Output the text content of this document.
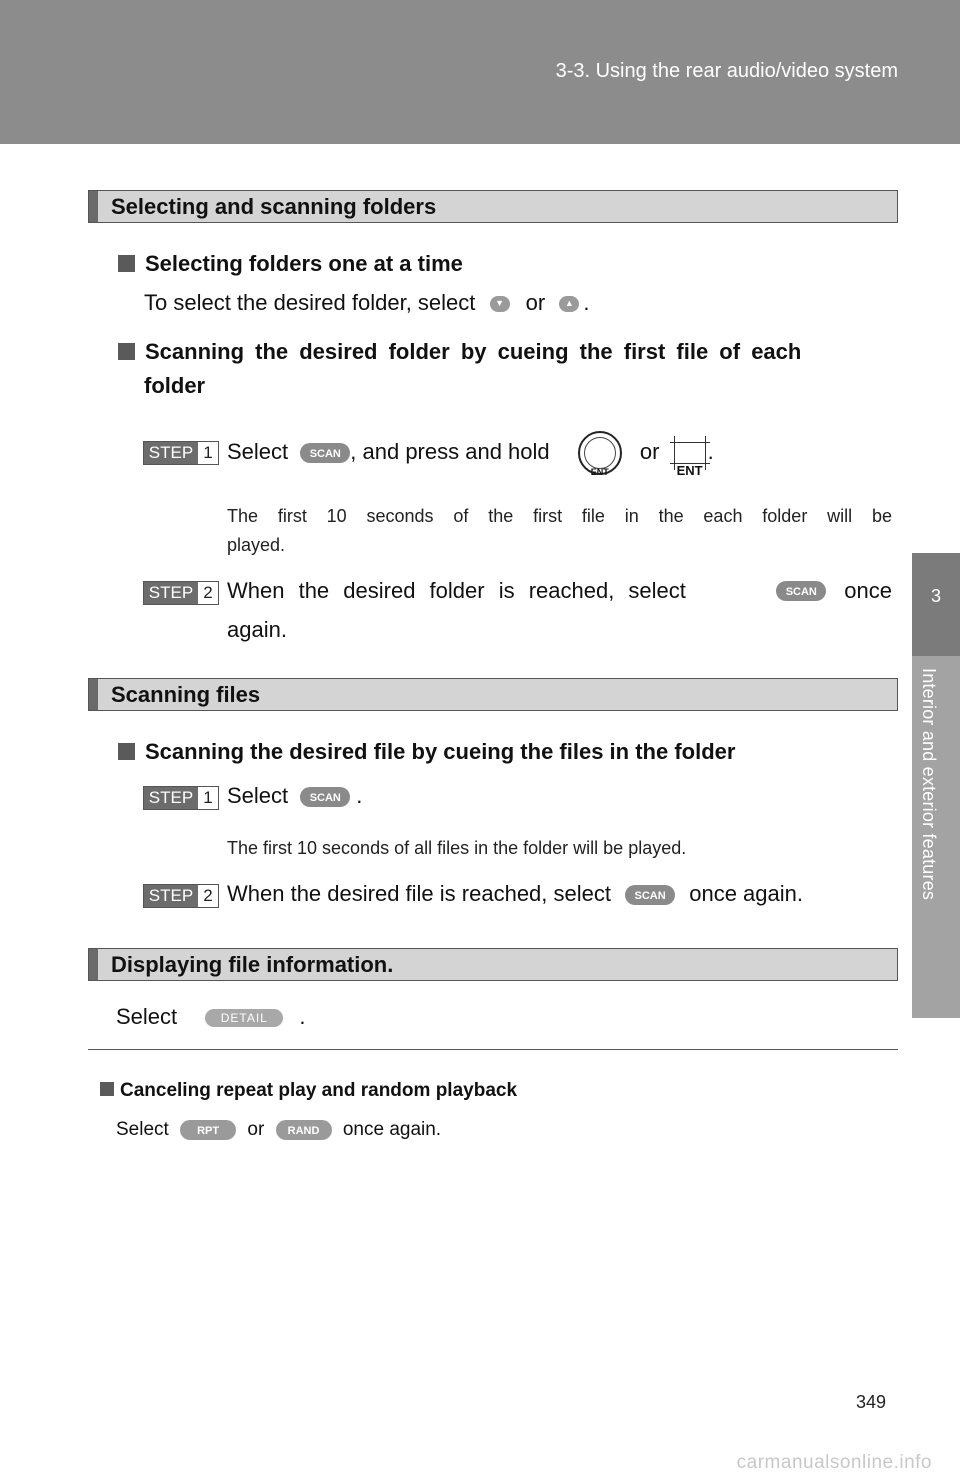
3-3. Using the rear audio/video system
3
Interior and exterior features
Selecting and scanning folders
Selecting folders one at a time
To select the desired folder, select ▼ or ▲ .
Scanning the desired folder by cueing the first file of each
folder
STEP 1 Select SCAN , and press and hold
ENT
or
ENT
.
The first 10 seconds of the first file in the each folder will be
played.
STEP 2 When the desired folder is reached, select	SCAN	once
again.
Scanning files
Scanning the desired file by cueing the files in the folder
STEP 1 Select SCAN .
The first 10 seconds of all files in the folder will be played.
STEP 2 When the desired file is reached, select SCAN once again.
Displaying file information.
Select	DETAIL .
Canceling repeat play and random playback
Select	RPT or RAND once again.
349
carmanualsonline.info
